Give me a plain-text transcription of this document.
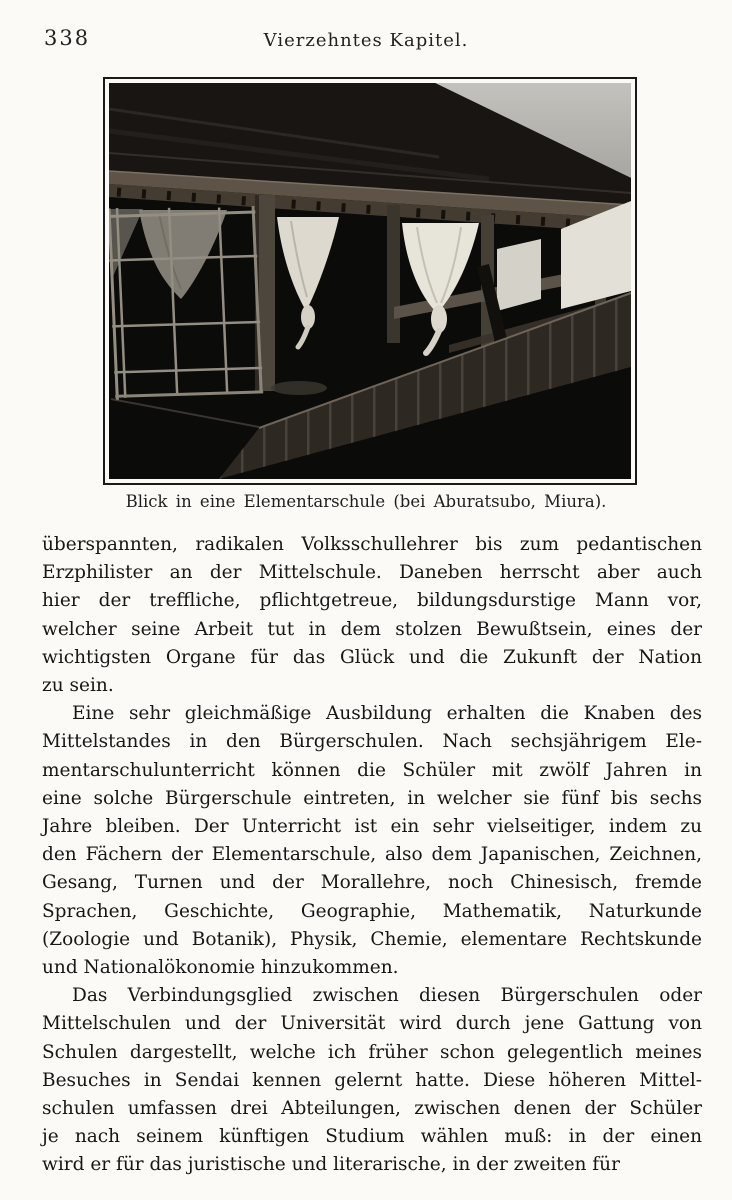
338	Vierzehntes Kapitel.
Blick in eine Elementarschule (bei Aburatsubo, Miura).
überspannten, radikalen Volksschullehrer bis zum pedantischen
Erzphilister an der Mittelschule. Daneben herrscht aber auch
hier der treffliche, pflichtgetreue, bildungsdurstige Mann vor,
welcher seine Arbeit tut in dem stolzen Bewußtsein, eines der
wichtigsten Organe für das Glück und die Zukunft der Nation
zu sein.
Eine sehr gleichmäßige Ausbildung erhalten die Knaben des
Mittelstandes in den Bürgerschulen. Nach sechsjährigem Ele-
mentarschulunterricht können die Schüler mit zwölf Jahren in
eine solche Bürgerschule eintreten, in welcher sie fünf bis sechs
Jahre bleiben. Der Unterricht ist ein sehr vielseitiger, indem zu
den Fächern der Elementarschule, also dem Japanischen, Zeichnen,
Gesang, Turnen und der Morallehre, noch Chinesisch, fremde
Sprachen, Geschichte, Geographie, Mathematik, Naturkunde
(Zoologie und Botanik), Physik, Chemie, elementare Rechtskunde
und Nationalökonomie hinzukommen.
Das Verbindungsglied zwischen diesen Bürgerschulen oder
Mittelschulen und der Universität wird durch jene Gattung von
Schulen dargestellt, welche ich früher schon gelegentlich meines
Besuches in Sendai kennen gelernt hatte. Diese höheren Mittel-
schulen umfassen drei Abteilungen, zwischen denen der Schüler
je nach seinem künftigen Studium wählen muß: in der einen
wird er für das juristische und literarische, in der zweiten für
